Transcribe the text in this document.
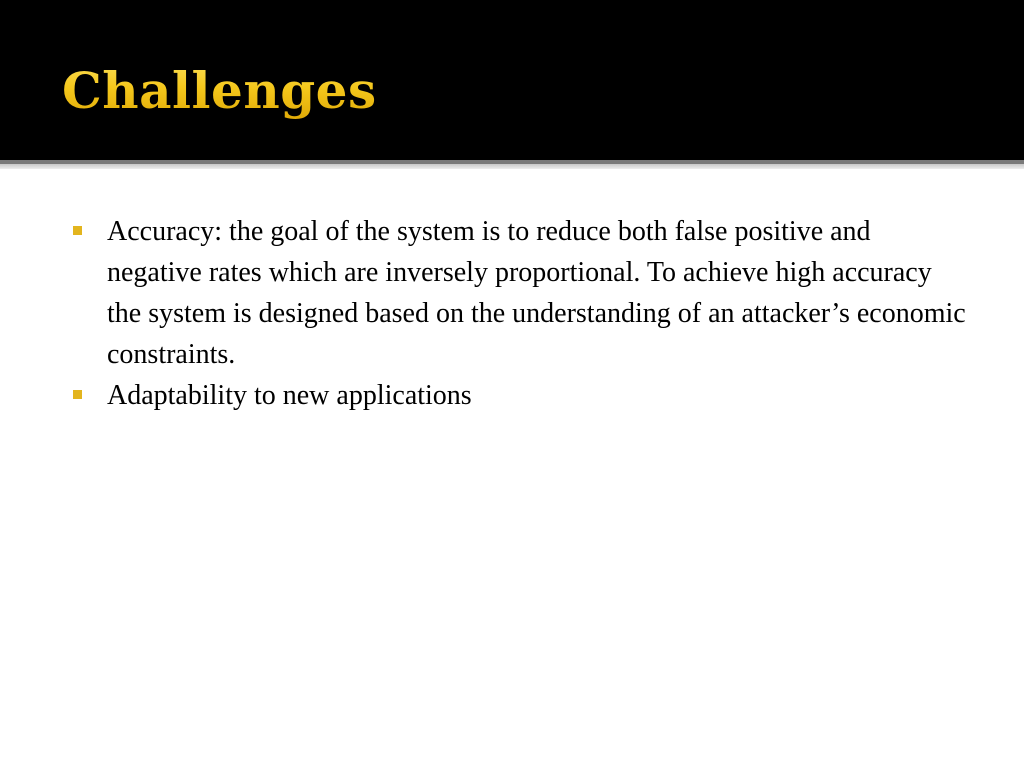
Challenges
Accuracy: the goal of the system is to reduce both false positive and negative rates which are inversely proportional. To achieve high accuracy the system is designed based on the understanding of an attacker’s economic constraints.
Adaptability to new applications
